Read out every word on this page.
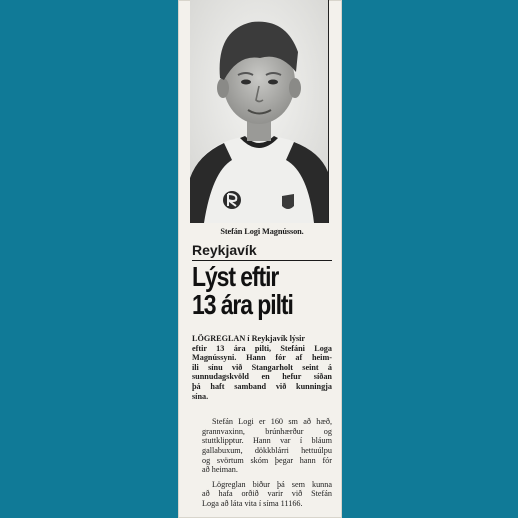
Stefán Logi Magnússon.
Reykjavík
Lýst eftir
13 ára pilti
LÖGREGLAN í Reykjavík lýsir
eftir 13 ára pilti, Stefáni Loga
Magnússyni. Hann fór af heim-
ili sínu við Stangarholt seint á
sunnudagskvöld en hefur síðan
þá haft samband við kunningja
sína.
Stefán Logi er 160 sm að hæð,
grannvaxinn, brúnhærður og
stuttklipptur. Hann var í bláum
gallabuxum, dökkblárri hettuúlpu
og svörtum skóm þegar hann fór
að heiman.
Lögreglan biður þá sem kunna
að hafa orðið varir við Stefán
Loga að láta vita í síma 11166.
